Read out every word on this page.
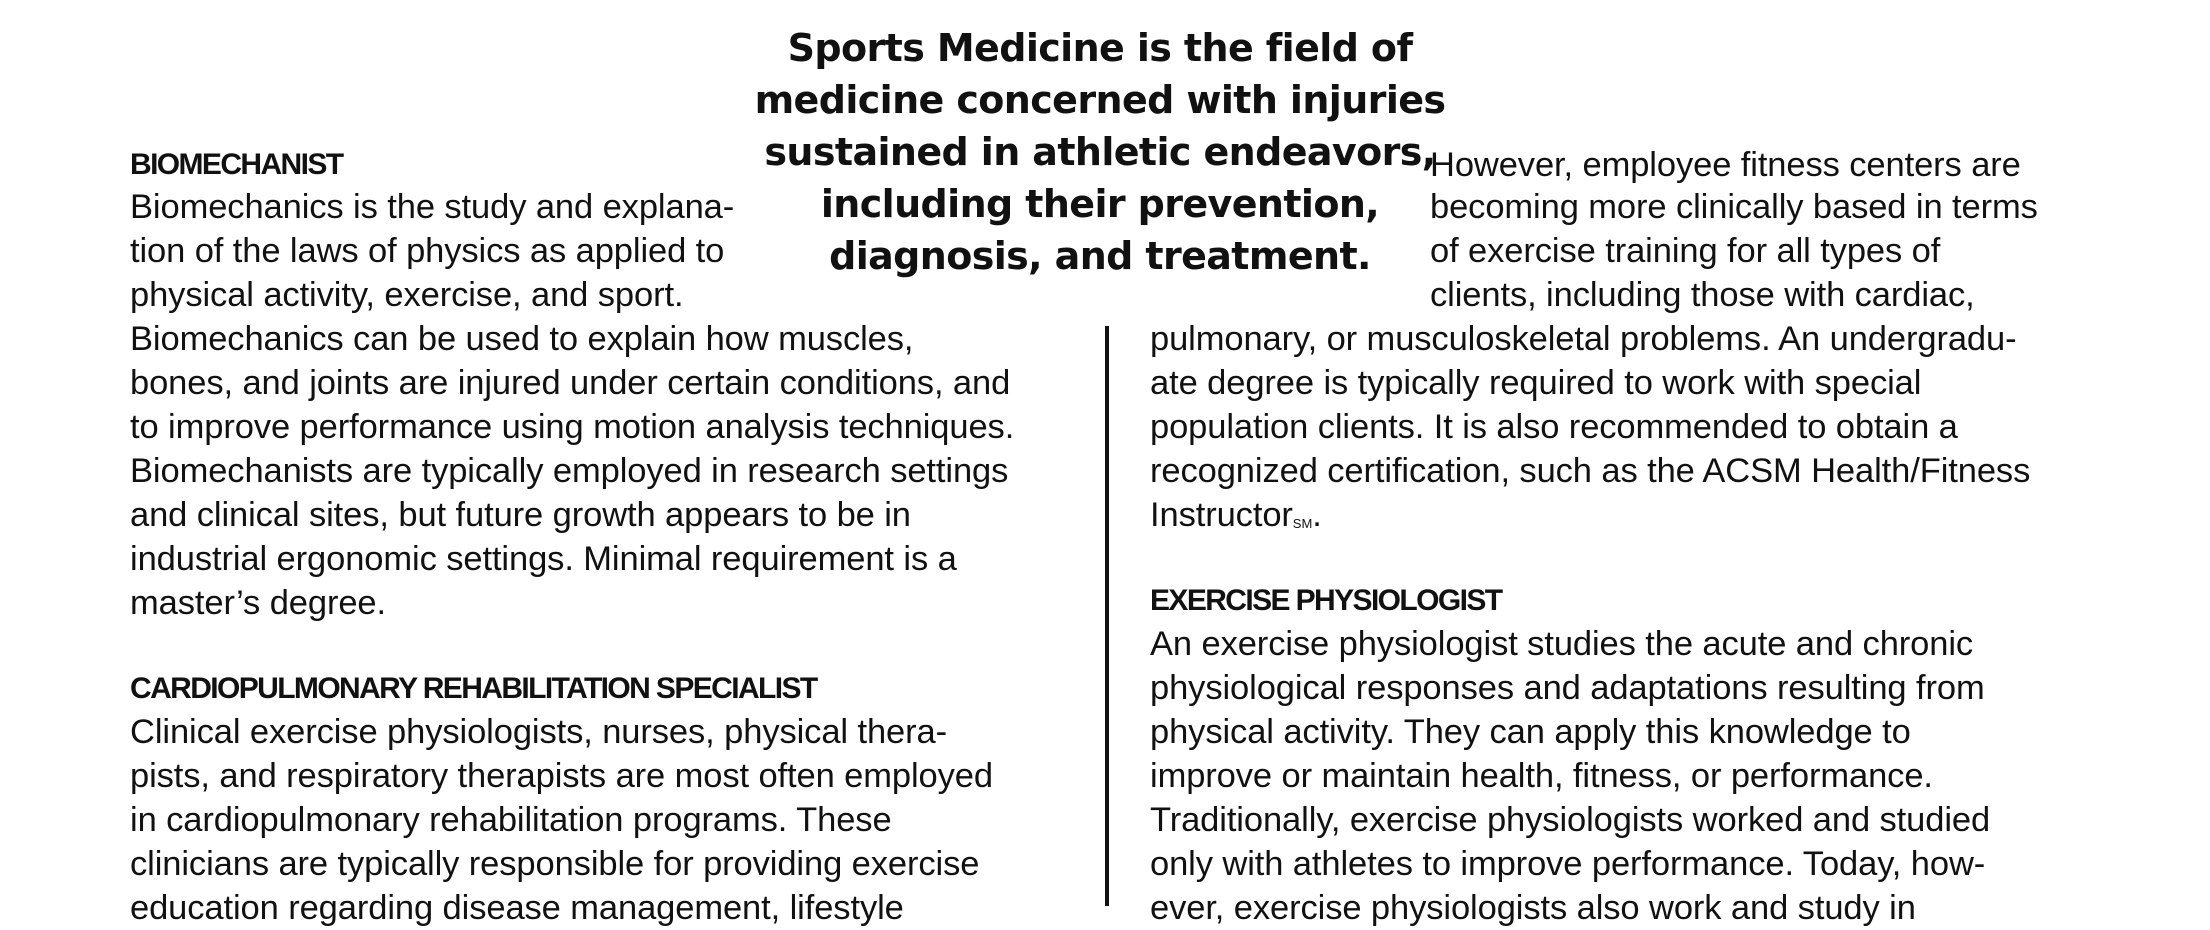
Sports Medicine is the field of
medicine concerned with injuries
sustained in athletic endeavors,
including their prevention,
diagnosis, and treatment.
BIOMECHANIST
Biomechanics is the study and explana-
tion of the laws of physics as applied to
physical activity, exercise, and sport.
Biomechanics can be used to explain how muscles,
bones, and joints are injured under certain conditions, and
to improve performance using motion analysis techniques.
Biomechanists are typically employed in research settings
and clinical sites, but future growth appears to be in
industrial ergonomic settings. Minimal requirement is a
master’s degree.
CARDIOPULMONARY REHABILITATION SPECIALIST
Clinical exercise physiologists, nurses, physical thera-
pists, and respiratory therapists are most often employed
in cardiopulmonary rehabilitation programs. These
clinicians are typically responsible for providing exercise
education regarding disease management, lifestyle
However, employee fitness centers are
becoming more clinically based in terms
of exercise training for all types of
clients, including those with cardiac,
pulmonary, or musculoskeletal problems. An undergradu-
ate degree is typically required to work with special
population clients. It is also recommended to obtain a
recognized certification, such as the ACSM Health/Fitness
InstructorSM.
EXERCISE PHYSIOLOGIST
An exercise physiologist studies the acute and chronic
physiological responses and adaptations resulting from
physical activity. They can apply this knowledge to
improve or maintain health, fitness, or performance.
Traditionally, exercise physiologists worked and studied
only with athletes to improve performance. Today, how-
ever, exercise physiologists also work and study in
